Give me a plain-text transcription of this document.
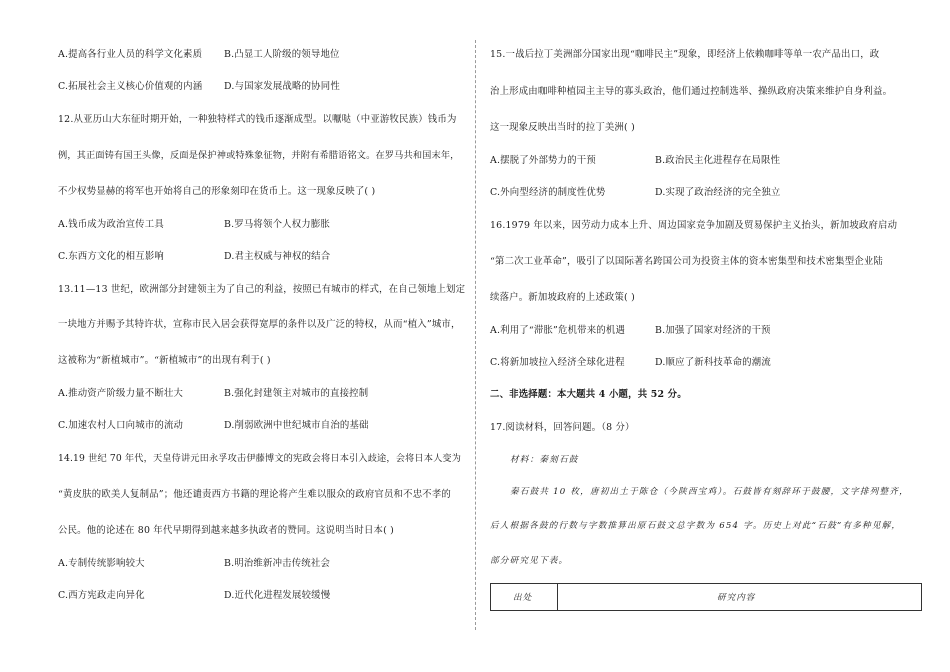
A.提高各行业人员的科学文化素质 B.凸显工人阶级的领导地位
C.拓展社会主义核心价值观的内涵 D.与国家发展战略的协同性
12.从亚历山大东征时期开始，一种独特样式的钱币逐渐成型。以嚈哒（中亚游牧民族）钱币为
例，其正面铸有国王头像，反面是保护神或特殊象征物，并附有希腊语铭文。在罗马共和国末年，
不少权势显赫的将军也开始将自己的形象刻印在货币上。这一现象反映了( )
A.钱币成为政治宣传工具	B.罗马将领个人权力膨胀
C.东西方文化的相互影响	D.君主权威与神权的结合
13.11—13 世纪，欧洲部分封建领主为了自己的利益，按照已有城市的样式，在自己领地上划定
一块地方并赐予其特许状，宣称市民入居会获得宽厚的条件以及广泛的特权，从而“植入”城市，
这被称为“新植城市”。“新植城市”的出现有利于( )
A.推动资产阶级力量不断壮大	B.强化封建领主对城市的直接控制
C.加速农村人口向城市的流动	D.削弱欧洲中世纪城市自治的基础
14.19 世纪 70 年代，天皇侍讲元田永孚攻击伊藤博文的宪政会将日本引入歧途，会将日本人变为
“黄皮肤的欧美人复制品”；他还谴责西方书籍的理论将产生难以服众的政府官员和不忠不孝的
公民。他的论述在 80 年代早期得到越来越多执政者的赞同。这说明当时日本( )
A.专制传统影响较大	B.明治维新冲击传统社会
C.西方宪政走向异化	D.近代化进程发展较缓慢
15.一战后拉丁美洲部分国家出现“咖啡民主”现象，即经济上依赖咖啡等单一农产品出口，政
治上形成由咖啡种植园主主导的寡头政治，他们通过控制选举、操纵政府决策来维护自身利益。
这一现象反映出当时的拉丁美洲( )
A.摆脱了外部势力的干预	B.政治民主化进程存在局限性
C.外向型经济的制度性优势	D.实现了政治经济的完全独立
16.1979 年以来，因劳动力成本上升、周边国家竞争加剧及贸易保护主义抬头，新加坡政府启动
“第二次工业革命”，吸引了以国际著名跨国公司为投资主体的资本密集型和技术密集型企业陆
续落户。新加坡政府的上述政策( )
A.利用了“滞胀”危机带来的机遇	B.加强了国家对经济的干预
C.将新加坡拉入经济全球化进程	D.顺应了新科技革命的潮流
二、非选择题：本大题共 4 小题，共 52 分。
17.阅读材料，回答问题。（8 分）
材料：秦刻石鼓
秦石鼓共 10 枚，唐初出土于陈仓（今陕西宝鸡）。石鼓皆有刻辞环于鼓腰，文字排列整齐，
后人根据各鼓的行数与字数推算出原石鼓文总字数为 654 字。历史上对此“石鼓”有多种见解，
部分研究见下表。
出处	研究内容
